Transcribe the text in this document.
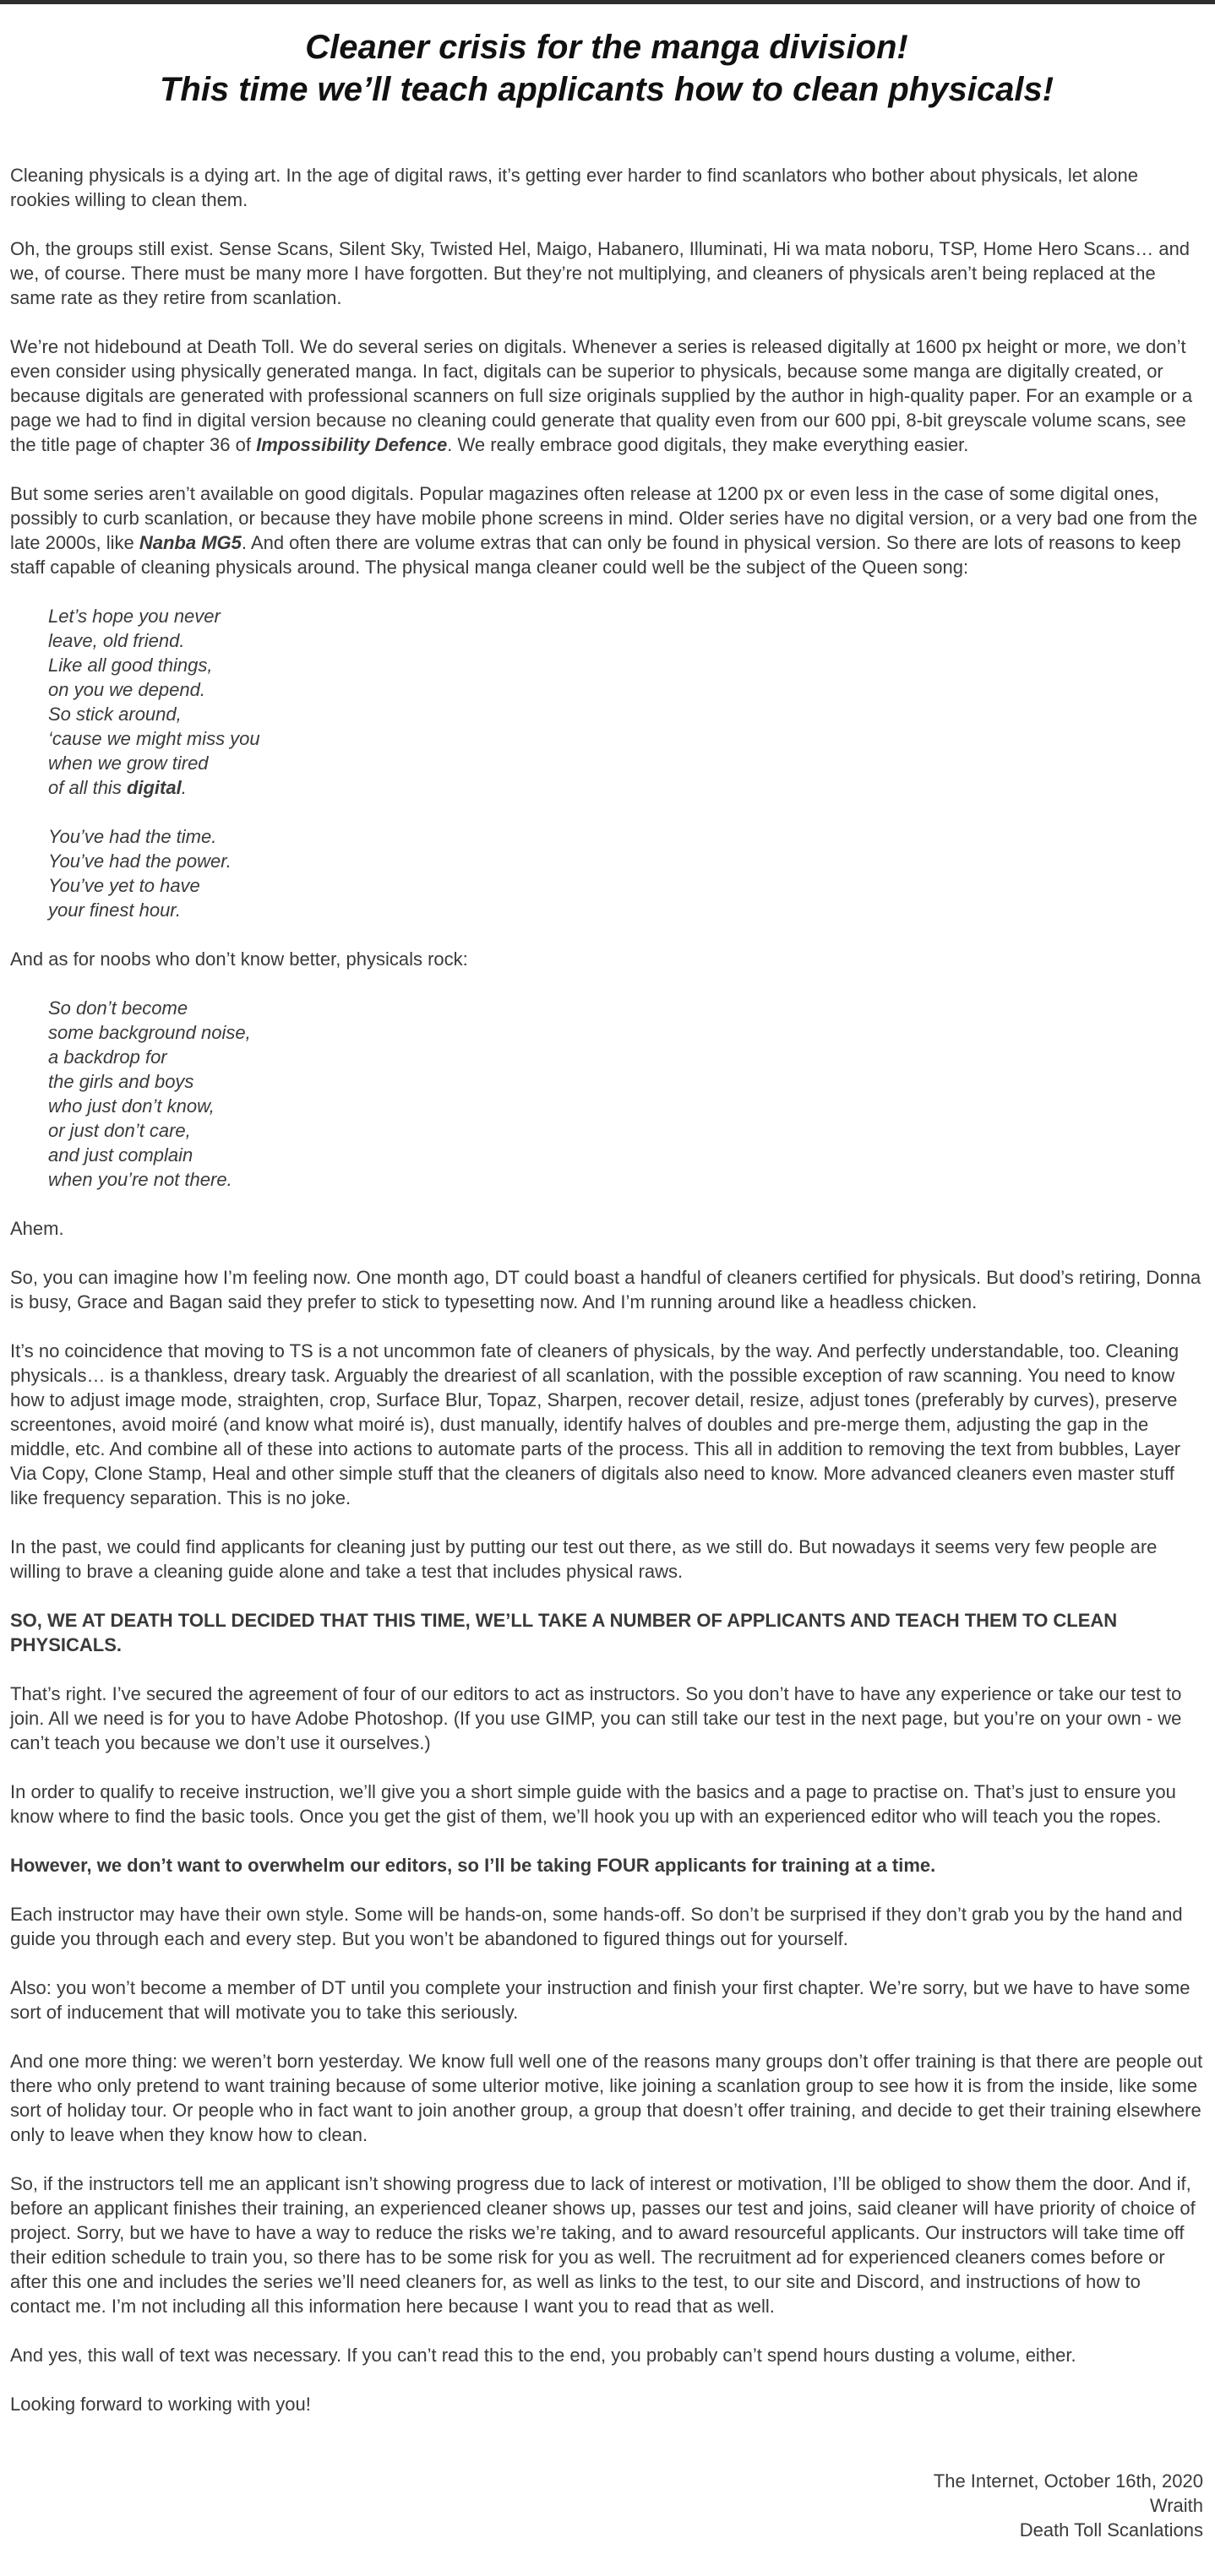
Cleaner crisis for the manga division!
This time we’ll teach applicants how to clean physicals!

Cleaning physicals is a dying art. In the age of digital raws, it’s getting ever harder to find scanlators who bother about physicals, let alone rookies willing to clean them.

Oh, the groups still exist. Sense Scans, Silent Sky, Twisted Hel, Maigo, Habanero, Illuminati, Hi wa mata noboru, TSP, Home Hero Scans… and we, of course. There must be many more I have forgotten. But they’re not multiplying, and cleaners of physicals aren’t being replaced at the same rate as they retire from scanlation.

We’re not hidebound at Death Toll. We do several series on digitals. Whenever a series is released digitally at 1600 px height or more, we don’t even consider using physically generated manga. In fact, digitals can be superior to physicals, because some manga are digitally created, or because digitals are generated with professional scanners on full size originals supplied by the author in high-quality paper. For an example or a page we had to find in digital version because no cleaning could generate that quality even from our 600 ppi, 8-bit greyscale volume scans, see the title page of chapter 36 of Impossibility Defence. We really embrace good digitals, they make everything easier.

But some series aren’t available on good digitals. Popular magazines often release at 1200 px or even less in the case of some digital ones, possibly to curb scanlation, or because they have mobile phone screens in mind. Older series have no digital version, or a very bad one from the late 2000s, like Nanba MG5. And often there are volume extras that can only be found in physical version. So there are lots of reasons to keep staff capable of cleaning physicals around. The physical manga cleaner could well be the subject of the Queen song:

Let’s hope you never
leave, old friend.
Like all good things,
on you we depend.
So stick around,
‘cause we might miss you
when we grow tired
of all this digital.
You’ve had the time.
You’ve had the power.
You’ve yet to have
your finest hour.

And as for noobs who don’t know better, physicals rock:

So don’t become
some background noise,
a backdrop for
the girls and boys
who just don’t know,
or just don’t care,
and just complain
when you’re not there.

Ahem.

So, you can imagine how I’m feeling now. One month ago, DT could boast a handful of cleaners certified for physicals. But dood’s retiring, Donna is busy, Grace and Bagan said they prefer to stick to typesetting now. And I’m running around like a headless chicken.

It’s no coincidence that moving to TS is a not uncommon fate of cleaners of physicals, by the way. And perfectly understandable, too. Cleaning physicals… is a thankless, dreary task. Arguably the dreariest of all scanlation, with the possible exception of raw scanning. You need to know how to adjust image mode, straighten, crop, Surface Blur, Topaz, Sharpen, recover detail, resize, adjust tones (preferably by curves), preserve screentones, avoid moiré (and know what moiré is), dust manually, identify halves of doubles and pre-merge them, adjusting the gap in the middle, etc. And combine all of these into actions to automate parts of the process. This all in addition to removing the text from bubbles, Layer Via Copy, Clone Stamp, Heal and other simple stuff that the cleaners of digitals also need to know. More advanced cleaners even master stuff like frequency separation. This is no joke.

In the past, we could find applicants for cleaning just by putting our test out there, as we still do. But nowadays it seems very few people are willing to brave a cleaning guide alone and take a test that includes physical raws.

SO, WE AT DEATH TOLL DECIDED THAT THIS TIME, WE’LL TAKE A NUMBER OF APPLICANTS AND TEACH THEM TO CLEAN PHYSICALS.

That’s right. I’ve secured the agreement of four of our editors to act as instructors. So you don’t have to have any experience or take our test to join. All we need is for you to have Adobe Photoshop. (If you use GIMP, you can still take our test in the next page, but you’re on your own - we can’t teach you because we don’t use it ourselves.)

In order to qualify to receive instruction, we’ll give you a short simple guide with the basics and a page to practise on. That’s just to ensure you know where to find the basic tools. Once you get the gist of them, we’ll hook you up with an experienced editor who will teach you the ropes.

However, we don’t want to overwhelm our editors, so I’ll be taking FOUR applicants for training at a time.

Each instructor may have their own style. Some will be hands-on, some hands-off. So don’t be surprised if they don’t grab you by the hand and guide you through each and every step. But you won’t be abandoned to figured things out for yourself.

Also: you won’t become a member of DT until you complete your instruction and finish your first chapter. We’re sorry, but we have to have some sort of inducement that will motivate you to take this seriously.

And one more thing: we weren’t born yesterday. We know full well one of the reasons many groups don’t offer training is that there are people out there who only pretend to want training because of some ulterior motive, like joining a scanlation group to see how it is from the inside, like some sort of holiday tour. Or people who in fact want to join another group, a group that doesn’t offer training, and decide to get their training elsewhere only to leave when they know how to clean.

So, if the instructors tell me an applicant isn’t showing progress due to lack of interest or motivation, I’ll be obliged to show them the door. And if, before an applicant finishes their training, an experienced cleaner shows up, passes our test and joins, said cleaner will have priority of choice of project. Sorry, but we have to have a way to reduce the risks we’re taking, and to award resourceful applicants. Our instructors will take time off their edition schedule to train you, so there has to be some risk for you as well. The recruitment ad for experienced cleaners comes before or after this one and includes the series we’ll need cleaners for, as well as links to the test, to our site and Discord, and instructions of how to contact me. I’m not including all this information here because I want you to read that as well.

And yes, this wall of text was necessary. If you can’t read this to the end, you probably can’t spend hours dusting a volume, either.

Looking forward to working with you!

The Internet, October 16th, 2020
Wraith
Death Toll Scanlations
